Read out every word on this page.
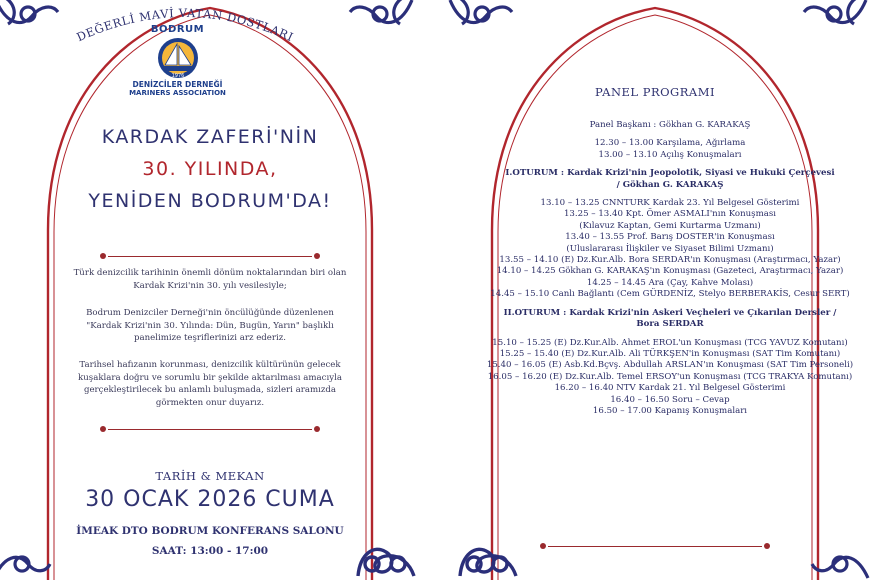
DEĞERLİ MAVİ VATAN DOSTLARI
BODRUM
1976
DENİZCİLER DERNEĞİ
MARINERS ASSOCIATION
KARDAK ZAFERİ'NİN
30. YILINDA,
YENİDEN BODRUM'DA!
Türk denizcilik tarihinin önemli dönüm noktalarından biri olan
Kardak Krizi'nin 30. yılı vesilesiyle;
Bodrum Denizciler Derneği'nin öncülüğünde düzenlenen
"Kardak Krizi'nin 30. Yılında: Dün, Bugün, Yarın" başlıklı
panelimize teşriflerinizi arz ederiz.
Tarihsel hafızanın korunması, denizcilik kültürünün gelecek
kuşaklara doğru ve sorumlu bir şekilde aktarılması amacıyla
gerçekleştirilecek bu anlamlı buluşmada, sizleri aramızda
görmekten onur duyarız.
TARİH & MEKAN
30 OCAK 2026 CUMA
İMEAK DTO BODRUM KONFERANS SALONU
SAAT: 13:00 - 17:00
PANEL PROGRAMI
Panel Başkanı : Gökhan G. KARAKAŞ
12.30 – 13.00 Karşılama, Ağırlama
13.00 – 13.10 Açılış Konuşmaları
I.OTURUM : Kardak Krizi'nin Jeopolotik, Siyasi ve Hukuki Çerçevesi
/ Gökhan G. KARAKAŞ
13.10 – 13.25 CNNTURK Kardak 23. Yıl Belgesel Gösterimi
13.25 – 13.40 Kpt. Ömer ASMALI'nın Konuşması
(Kılavuz Kaptan, Gemi Kurtarma Uzmanı)
13.40 – 13.55 Prof. Barış DOSTER'in Konuşması
(Uluslararası İlişkiler ve Siyaset Bilimi Uzmanı)
13.55 – 14.10 (E) Dz.Kur.Alb. Bora SERDAR'ın Konuşması (Araştırmacı, Yazar)
14.10 – 14.25 Gökhan G. KARAKAŞ'ın Konuşması (Gazeteci, Araştırmacı, Yazar)
14.25 – 14.45 Ara (Çay, Kahve Molası)
14.45 – 15.10 Canlı Bağlantı (Cem GÜRDENİZ, Stelyo BERBERAKİS, Cesur SERT)
II.OTURUM : Kardak Krizi'nin Askeri Veçheleri ve Çıkarılan Dersler /
Bora SERDAR
15.10 – 15.25 (E) Dz.Kur.Alb. Ahmet EROL'un Konuşması (TCG YAVUZ Komutanı)
15.25 – 15.40 (E) Dz.Kur.Alb. Ali TÜRKŞEN'in Konuşması (SAT Tim Komutanı)
15.40 – 16.05 (E) Asb.Kd.Bçvş. Abdullah ARSLAN'ın Konuşması (SAT Tim Personeli)
16.05 – 16.20 (E) Dz.Kur.Alb. Temel ERSOY'un Konuşması (TCG TRAKYA Komutanı)
16.20 – 16.40 NTV Kardak 21. Yıl Belgesel Gösterimi
16.40 – 16.50 Soru – Cevap
16.50 – 17.00 Kapanış Konuşmaları
